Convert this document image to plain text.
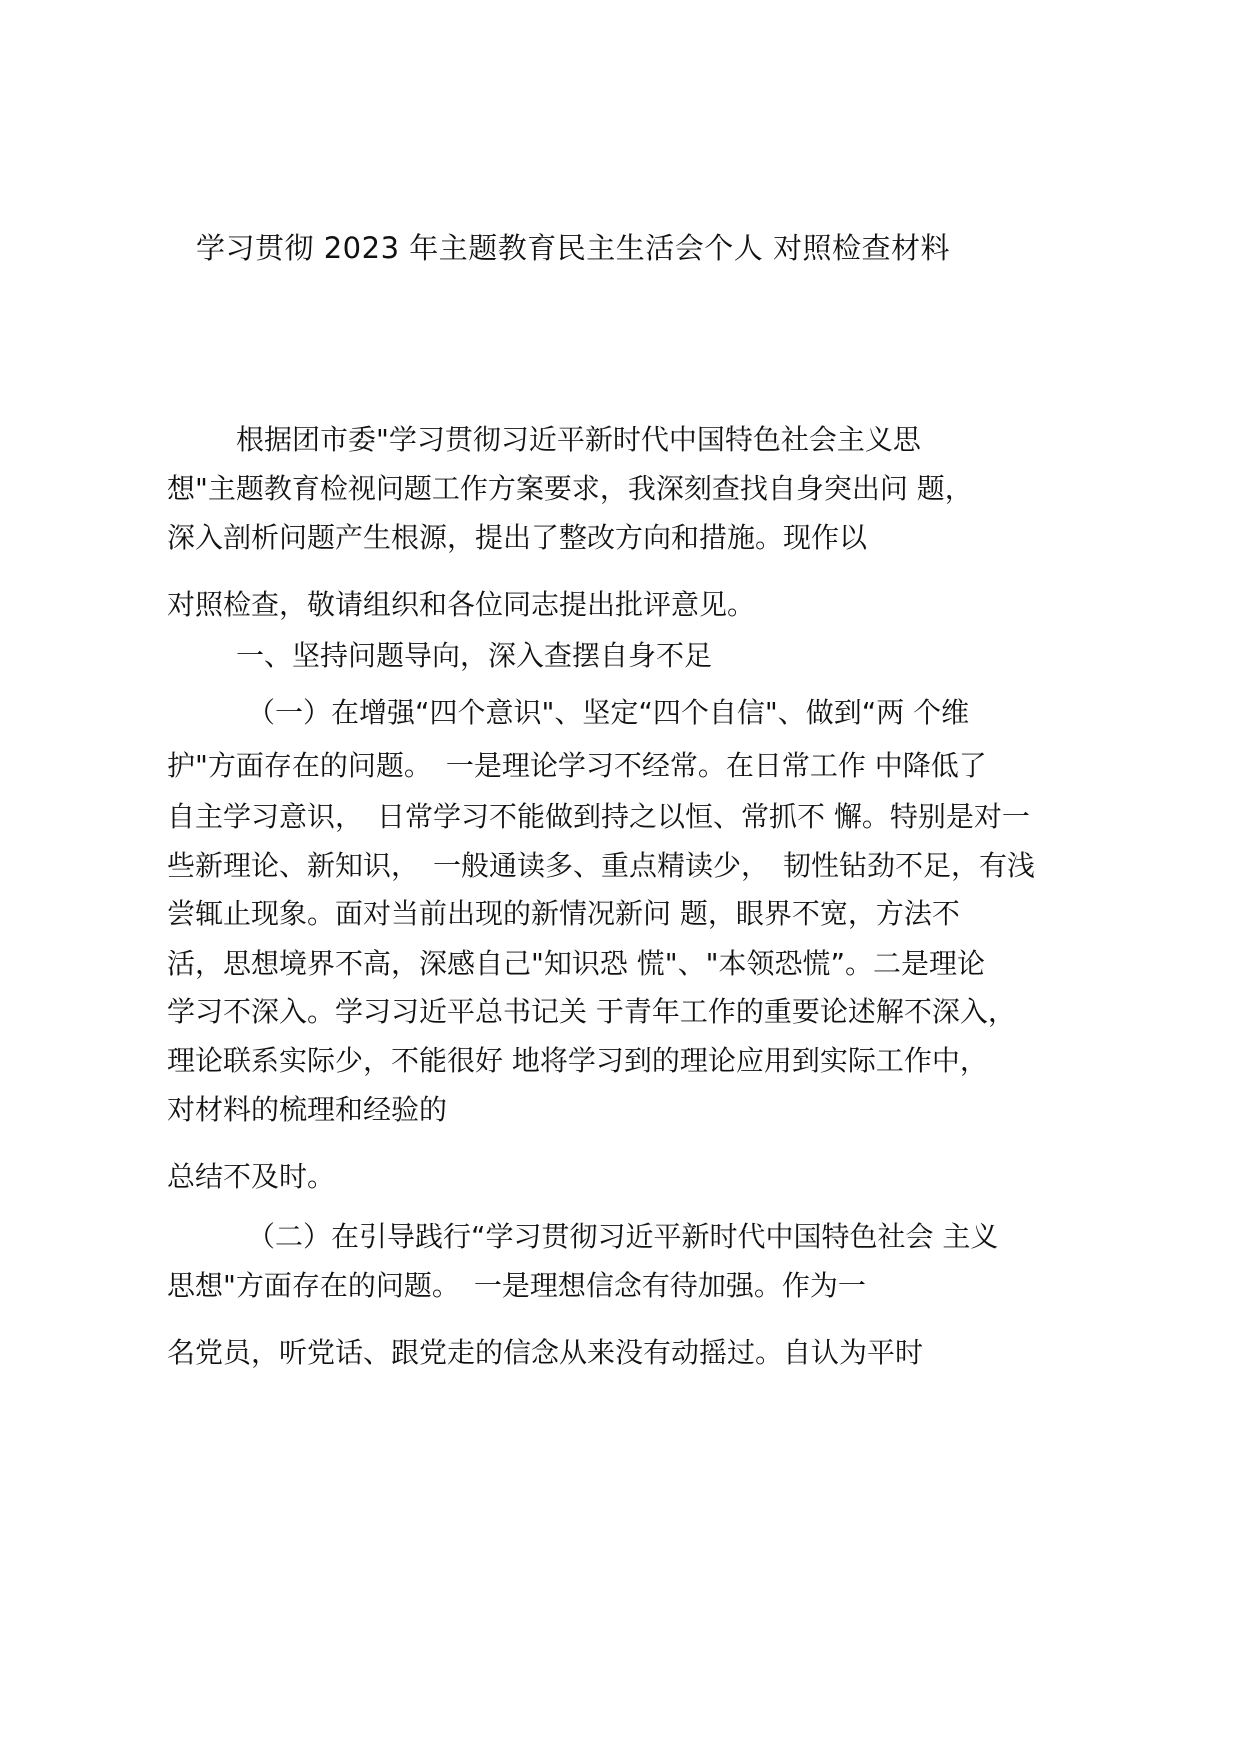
学习贯彻 2023 年主题教育民主生活会个人 对照检查材料
根据团市委"学习贯彻习近平新时代中国特色社会主义思
想"主题教育检视问题工作方案要求，我深刻查找自身突出问 题，
深入剖析问题产生根源，提出了整改方向和措施。现作以
对照检查，敬请组织和各位同志提出批评意见。
一、坚持问题导向，深入查摆自身不足
（一）在增强“四个意识"、坚定“四个自信"、做到“两 个维
护"方面存在的问题。　一是理论学习不经常。在日常工作 中降低了
自主学习意识，　日常学习不能做到持之以恒、常抓不 懈。特别是对一
些新理论、新知识，　一般通读多、重点精读少，　韧性钻劲不足，有浅
尝辄止现象。面对当前出现的新情况新问 题，眼界不宽，方法不
活，思想境界不高，深感自己"知识恐 慌"、"本领恐慌”。二是理论
学习不深入。学习习近平总书记关 于青年工作的重要论述解不深入，
理论联系实际少，不能很好 地将学习到的理论应用到实际工作中，
对材料的梳理和经验的
总结不及时。
（二）在引导践行“学习贯彻习近平新时代中国特色社会 主义
思想"方面存在的问题。　一是理想信念有待加强。作为一
名党员，听党话、跟党走的信念从来没有动摇过。自认为平时
